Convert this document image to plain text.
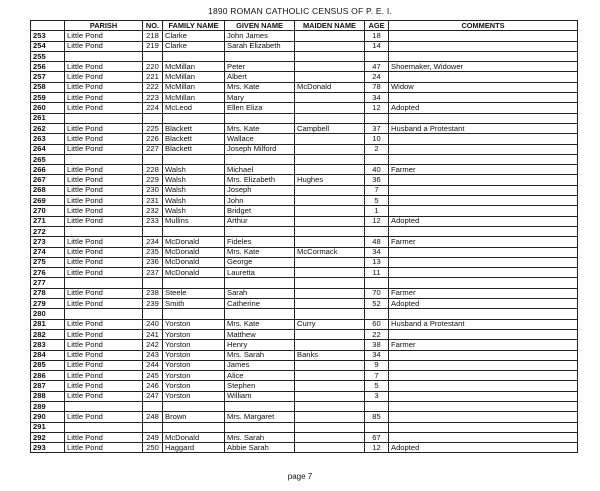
1890 ROMAN CATHOLIC CENSUS OF P. E. I.
	PARISH	NO.	FAMILY NAME	GIVEN NAME	MAIDEN NAME	AGE	COMMENTS
253	Little Pond	218	Clarke	John James		18	
254	Little Pond	219	Clarke	Sarah Elizabeth		14	
255							
256	Little Pond	220	McMillan	Peter		47	Shoemaker, Widower
257	Little Pond	221	McMillan	Albert		24	
258	Little Pond	222	McMillan	Mrs. Kate	McDonald	78	Widow
259	Little Pond	223	McMillan	Mary		34	
260	Little Pond	224	McLeod	Ellen Eliza		12	Adopted
261							
262	Little Pond	225	Blackett	Mrs. Kate	Campbell	37	Husband a Protestant
263	Little Pond	226	Blackett	Wallace		10	
264	Little Pond	227	Blackett	Joseph Milford		2	
265							
266	Little Pond	228	Walsh	Michael		40	Farmer
267	Little Pond	229	Walsh	Mrs. Elizabeth	Hughes	36	
268	Little Pond	230	Walsh	Joseph		7	
269	Little Pond	231	Walsh	John		5	
270	Little Pond	232	Walsh	Bridget		1	
271	Little Pond	233	Mullins	Arthur		12	Adopted
272							
273	Little Pond	234	McDonald	Fideles		48	Farmer
274	Little Pond	235	McDonald	Mrs. Kate	McCormack	34	
275	Little Pond	236	McDonald	George		13	
276	Little Pond	237	McDonald	Lauretta		11	
277							
278	Little Pond	238	Steele	Sarah		70	Farmer
279	Little Pond	239	Smith	Catherine		52	Adopted
280							
281	Little Pond	240	Yorston	Mrs. Kate	Curry	60	Husband a Protestant
282	Little Pond	241	Yorston	Matthew		22	
283	Little Pond	242	Yorston	Henry		38	Farmer
284	Little Pond	243	Yorston	Mrs. Sarah	Banks	34	
285	Little Pond	244	Yorston	James		9	
286	Little Pond	245	Yorston	Alice		7	
287	Little Pond	246	Yorston	Stephen		5	
288	Little Pond	247	Yorston	William		3	
289							
290	Little Pond	248	Brown	Mrs. Margaret		85	
291							
292	Little Pond	249	McDonald	Mrs. Sarah		67	
293	Little Pond	250	Haggard	Abbie Sarah		12	Adopted
page 7
